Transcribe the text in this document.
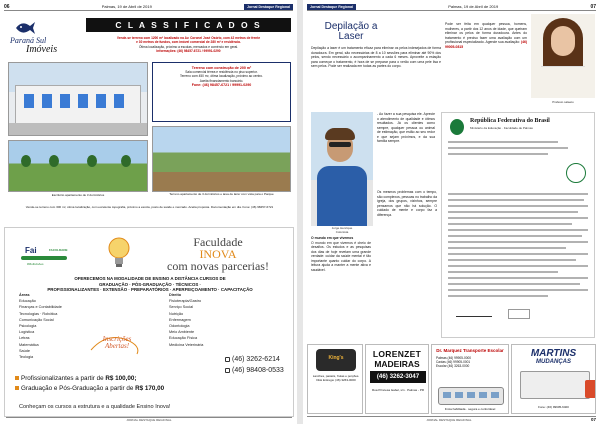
06	Palmas, 19 de Abril de 2019	Jornal Destaque Regional
Paraná Sul
Imóveis
C L A S S I F I C A D O S
Vende-se terreno com 1200 m² localizado na Av. Coronel José Osório, com 42 metros de frente
e 30 metros de fundos, com imóvel comercial de 280 m² e residência.
Ótima localização, próximo a escolas, mercados e comércio em geral.
Informações: (46) 98457-6721 / 99991-0290
Terreno com construção de 200 m²
Sala comercial térrea e residência no piso superior.
Terreno com 450 m², ótima localização, próximo ao centro.
Aceita financiamento bancário.
Fone: (46) 98457-6721 / 99991-0290
Escritório apartamento de 3 dormitórios	Terreno apartamento de 3 dormitórios e área de lazer com vista para o Parque
Vende-se terreno com 300 m², ótima localização, com excelente topografia, próximo a escola, posto de saúde e mercado. Aceita proposta. Documentação em dia. Fone: (46) 98457-6721
Fai	FACULDADE
#Multivisões
Faculdade
INOVA
com novas parcerias!
OFERECEMOS NA MODALIDADE DE ENSINO A DISTÂNCIA CURSOS DE
GRADUAÇÃO · PÓS-GRADUAÇÃO · TÉCNICOS ·
PROFISSIONALIZANTES · EXTENSÃO · PREPARATÓRIOS · APERFEIÇOAMENTO · CAPACITAÇÃO
Áreas
Educação
Finanças e Contabilidade
Tecnologias · Robótica
Comunicação Social
Psicologia
Logística
Letras
Matemática
Saúde
Teologia
Direito
Fisioterapia/Gastro
Serviço Social
Nutrição
Enfermagem
Odontologia
Meio Ambiente
Educação Física
Medicina Veterinária
Inscrições Abertas!
(46) 3262-6214
(46) 98408-0533
Profissionalizantes a partir de R$ 100,00;
Graduação e Pós-Graduação a partir de R$ 170,00
Conheçam os cursos a estrutura e a qualidade Ensino Inova!
JORNAL DESTAQUE REGIONAL
Jornal Destaque Regional	Palmas, 19 de Abril de 2019	07
Depilação a Laser
Depilação a laser é um tratamento eficaz para eliminar os pelos indesejados de forma duradoura. Em geral, são necessárias de 8 a 10 sessões para eliminar até 90% dos pelos, sendo necessário o acompanhamento a cada 6 meses. Aproveite a estação para começar o tratamento, é hora de se preparar para o verão com uma pele lisa e sem pelos. Pode ser realizada em todas as partes do corpo.
Pode ser feita em qualquer pessoa, homens, mulheres, a partir dos 12 anos de idade, que queiram eliminar os pelos de forma duradoura. Antes do tratamento é preciso fazer uma avaliação com um profissional especializado. Agende sua avaliação: (46) 99005-0815
Prafesio salaeto
Jorge Henrique
Colunista
- Ao fazer a sua pesquisa ele. Aprecie o atendimento de qualidade e ótimos resultados. Já os clientes como sempre, qualquer pessoa ou animal de estimação, que estão ao seu redor e que sejam próximos, e da sua família sempre.
Os mesmos problemas com o tempo, são complexos, pessoas no trabalho da igreja, dos grupos, vizinhos, sempre pensamos que não há solução. O cuidado de mente e corpo faz a diferença.
O mundo em que vivemos
O mundo em que vivemos é cheio de desafios. Os estudos e as pesquisas dos dias de hoje revelam uma grande verdade: cuidar da saúde mental é tão importante quanto cuidar do corpo. A leitura ajuda a manter a mente ativa e saudável.
República Federativa do Brasil
Ministério da Educação · Faculdade de Palmas
King's
Lanches, pastéis, frutas e porções. Disk Entrega: (46) 3263-0000
LORENZET
MADEIRAS
(46) 3262-3047
Rua Princesa Isabel, s/n · Palmas - PR
Dr. Marquez Transporte Escolar
Palmas (46) 99905-0000
Caxias (46) 99905-0001
Escolar (46) 3263-0000
Frota habilitada · segura e confortável
MARTINS
MUDANÇAS
Fone: (46) 99905-6400
JORNAL DESTAQUE REGIONAL	07
